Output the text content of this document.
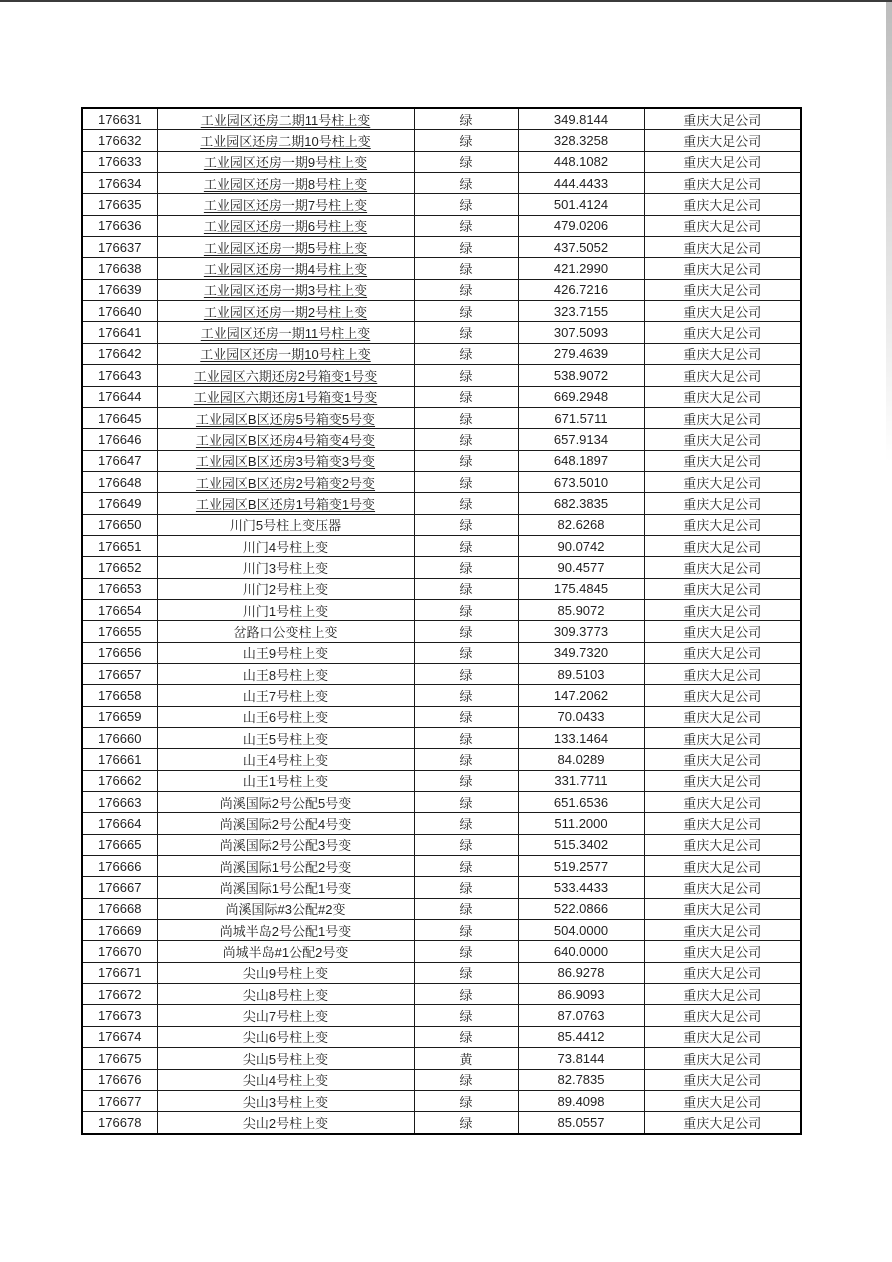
176631	工业园区还房二期11号柱上变	绿	349.8144	重庆大足公司
176632	工业园区还房二期10号柱上变	绿	328.3258	重庆大足公司
176633	工业园区还房一期9号柱上变	绿	448.1082	重庆大足公司
176634	工业园区还房一期8号柱上变	绿	444.4433	重庆大足公司
176635	工业园区还房一期7号柱上变	绿	501.4124	重庆大足公司
176636	工业园区还房一期6号柱上变	绿	479.0206	重庆大足公司
176637	工业园区还房一期5号柱上变	绿	437.5052	重庆大足公司
176638	工业园区还房一期4号柱上变	绿	421.2990	重庆大足公司
176639	工业园区还房一期3号柱上变	绿	426.7216	重庆大足公司
176640	工业园区还房一期2号柱上变	绿	323.7155	重庆大足公司
176641	工业园区还房一期11号柱上变	绿	307.5093	重庆大足公司
176642	工业园区还房一期10号柱上变	绿	279.4639	重庆大足公司
176643	工业园区六期还房2号箱变1号变	绿	538.9072	重庆大足公司
176644	工业园区六期还房1号箱变1号变	绿	669.2948	重庆大足公司
176645	工业园区B区还房5号箱变5号变	绿	671.5711	重庆大足公司
176646	工业园区B区还房4号箱变4号变	绿	657.9134	重庆大足公司
176647	工业园区B区还房3号箱变3号变	绿	648.1897	重庆大足公司
176648	工业园区B区还房2号箱变2号变	绿	673.5010	重庆大足公司
176649	工业园区B区还房1号箱变1号变	绿	682.3835	重庆大足公司
176650	川门5号柱上变压器	绿	82.6268	重庆大足公司
176651	川门4号柱上变	绿	90.0742	重庆大足公司
176652	川门3号柱上变	绿	90.4577	重庆大足公司
176653	川门2号柱上变	绿	175.4845	重庆大足公司
176654	川门1号柱上变	绿	85.9072	重庆大足公司
176655	岔路口公变柱上变	绿	309.3773	重庆大足公司
176656	山王9号柱上变	绿	349.7320	重庆大足公司
176657	山王8号柱上变	绿	89.5103	重庆大足公司
176658	山王7号柱上变	绿	147.2062	重庆大足公司
176659	山王6号柱上变	绿	70.0433	重庆大足公司
176660	山王5号柱上变	绿	133.1464	重庆大足公司
176661	山王4号柱上变	绿	84.0289	重庆大足公司
176662	山王1号柱上变	绿	331.7711	重庆大足公司
176663	尚溪国际2号公配5号变	绿	651.6536	重庆大足公司
176664	尚溪国际2号公配4号变	绿	511.2000	重庆大足公司
176665	尚溪国际2号公配3号变	绿	515.3402	重庆大足公司
176666	尚溪国际1号公配2号变	绿	519.2577	重庆大足公司
176667	尚溪国际1号公配1号变	绿	533.4433	重庆大足公司
176668	尚溪国际#3公配#2变	绿	522.0866	重庆大足公司
176669	尚城半岛2号公配1号变	绿	504.0000	重庆大足公司
176670	尚城半岛#1公配2号变	绿	640.0000	重庆大足公司
176671	尖山9号柱上变	绿	86.9278	重庆大足公司
176672	尖山8号柱上变	绿	86.9093	重庆大足公司
176673	尖山7号柱上变	绿	87.0763	重庆大足公司
176674	尖山6号柱上变	绿	85.4412	重庆大足公司
176675	尖山5号柱上变	黄	73.8144	重庆大足公司
176676	尖山4号柱上变	绿	82.7835	重庆大足公司
176677	尖山3号柱上变	绿	89.4098	重庆大足公司
176678	尖山2号柱上变	绿	85.0557	重庆大足公司
